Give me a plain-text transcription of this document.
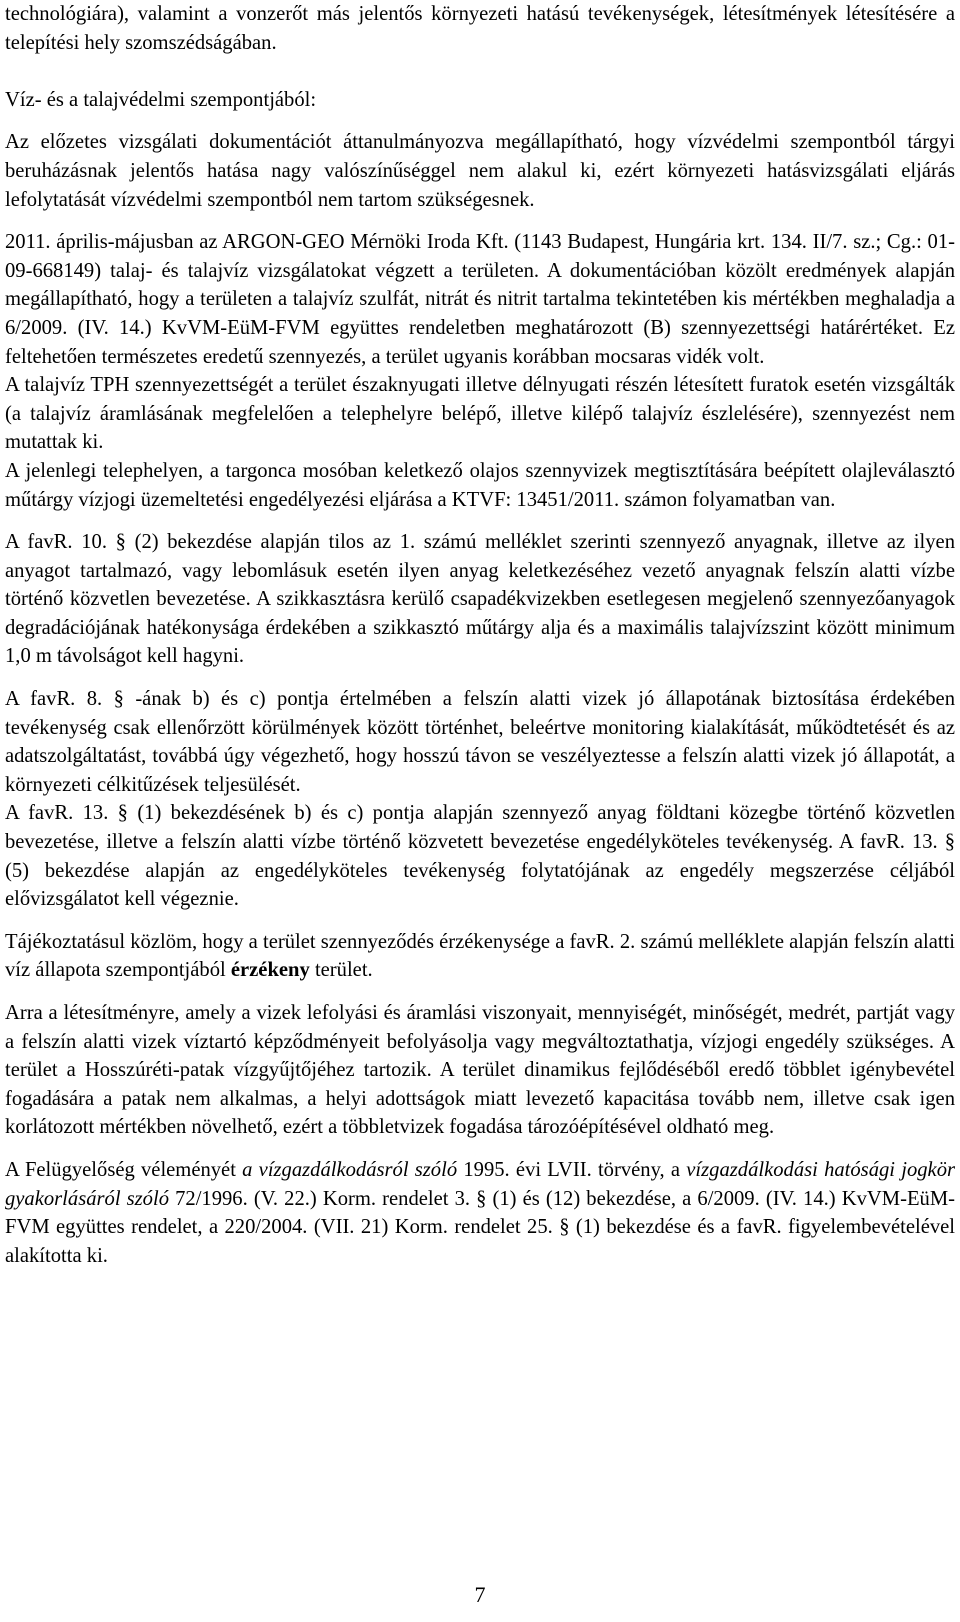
technológiára), valamint a vonzerőt más jelentős környezeti hatású tevékenységek, létesítmények létesítésére a telepítési hely szomszédságában.

Víz- és a talajvédelmi szempontjából:

Az előzetes vizsgálati dokumentációt áttanulmányozva megállapítható, hogy vízvédelmi szempontból tárgyi beruházásnak jelentős hatása nagy valószínűséggel nem alakul ki, ezért környezeti hatásvizsgálati eljárás lefolytatását vízvédelmi szempontból nem tartom szükségesnek.

2011. április-májusban az ARGON-GEO Mérnöki Iroda Kft. (1143 Budapest, Hungária krt. 134. II/7. sz.; Cg.: 01-09-668149) talaj- és talajvíz vizsgálatokat végzett a területen. A dokumentációban közölt eredmények alapján megállapítható, hogy a területen a talajvíz szulfát, nitrát és nitrit tartalma tekintetében kis mértékben meghaladja a 6/2009. (IV. 14.) KvVM-EüM-FVM együttes rendeletben meghatározott (B) szennyezettségi határértéket. Ez feltehetően természetes eredetű szennyezés, a terület ugyanis korábban mocsaras vidék volt.

A talajvíz TPH szennyezettségét a terület északnyugati illetve délnyugati részén létesített furatok esetén vizsgálták (a talajvíz áramlásának megfelelően a telephelyre belépő, illetve kilépő talajvíz észlelésére), szennyezést nem mutattak ki.

A jelenlegi telephelyen, a targonca mosóban keletkező olajos szennyvizek megtisztítására beépített olajleválasztó műtárgy vízjogi üzemeltetési engedélyezési eljárása a KTVF: 13451/2011. számon folyamatban van.

A favR. 10. § (2) bekezdése alapján tilos az 1. számú melléklet szerinti szennyező anyagnak, illetve az ilyen anyagot tartalmazó, vagy lebomlásuk esetén ilyen anyag keletkezéséhez vezető anyagnak felszín alatti vízbe történő közvetlen bevezetése. A szikkasztásra kerülő csapadékvizekben esetlegesen megjelenő szennyezőanyagok degradációjának hatékonysága érdekében a szikkasztó műtárgy alja és a maximális talajvízszint között minimum 1,0 m távolságot kell hagyni.

A favR. 8. § -ának b) és c) pontja értelmében a felszín alatti vizek jó állapotának biztosítása érdekében tevékenység csak ellenőrzött körülmények között történhet, beleértve monitoring kialakítását, működtetését és az adatszolgáltatást, továbbá úgy végezhető, hogy hosszú távon se veszélyeztesse a felszín alatti vizek jó állapotát, a környezeti célkitűzések teljesülését.

A favR. 13. § (1) bekezdésének b) és c) pontja alapján szennyező anyag földtani közegbe történő közvetlen bevezetése, illetve a felszín alatti vízbe történő közvetett bevezetése engedélyköteles tevékenység. A favR. 13. § (5) bekezdése alapján az engedélyköteles tevékenység folytatójának az engedély megszerzése céljából elővizsgálatot kell végeznie.

Tájékoztatásul közlöm, hogy a terület szennyeződés érzékenysége a favR. 2. számú melléklete alapján felszín alatti víz állapota szempontjából érzékeny terület.

Arra a létesítményre, amely a vizek lefolyási és áramlási viszonyait, mennyiségét, minőségét, medrét, partját vagy a felszín alatti vizek víztartó képződményeit befolyásolja vagy megváltoztathatja, vízjogi engedély szükséges. A terület a Hosszúréti-patak vízgyűjtőjéhez tartozik. A terület dinamikus fejlődéséből eredő többlet igénybevétel fogadására a patak nem alkalmas, a helyi adottságok miatt levezető kapacitása tovább nem, illetve csak igen korlátozott mértékben növelhető, ezért a többletvizek fogadása tározóépítésével oldható meg.

A Felügyelőség véleményét a vízgazdálkodásról szóló 1995. évi LVII. törvény, a vízgazdálkodási hatósági jogkör gyakorlásáról szóló 72/1996. (V. 22.) Korm. rendelet 3. § (1) és (12) bekezdése, a 6/2009. (IV. 14.) KvVM-EüM-FVM együttes rendelet, a 220/2004. (VII. 21) Korm. rendelet 25. § (1) bekezdése és a favR. figyelembevételével alakította ki.

7
